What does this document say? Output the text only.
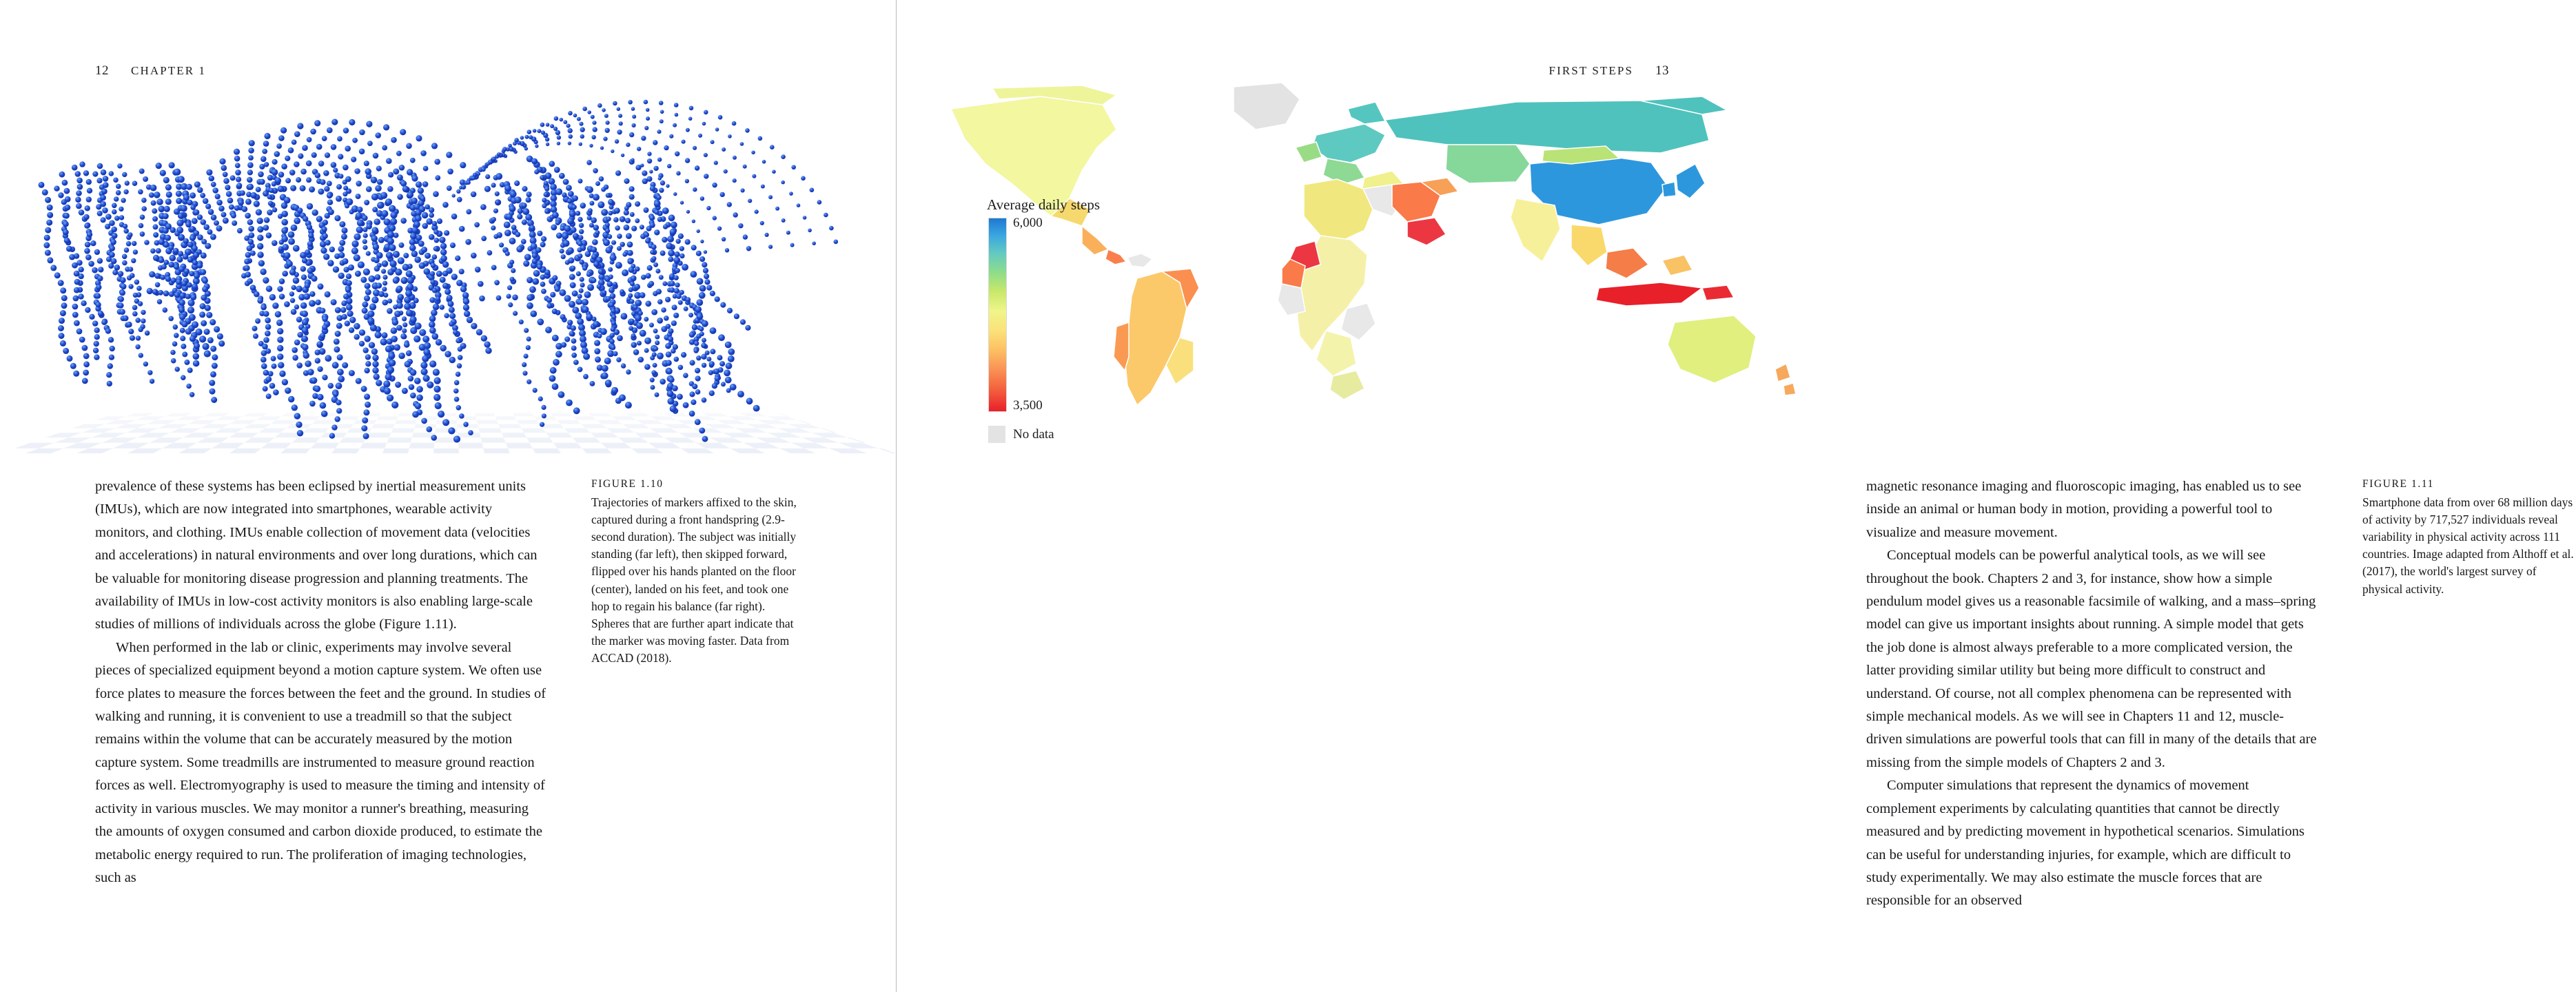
12 CHAPTER 1

prevalence of these systems has been eclipsed by inertial measurement units (IMUs), which are now integrated into smartphones, wearable activity monitors, and clothing. IMUs enable collection of movement data (velocities and accelerations) in natural environments and over long durations, which can be valuable for monitoring disease progression and planning treatments. The availability of IMUs in low-cost activity monitors is also enabling large-scale studies of millions of individuals across the globe (Figure 1.11).

When performed in the lab or clinic, experiments may involve several pieces of specialized equipment beyond a motion capture system. We often use force plates to measure the forces between the feet and the ground. In studies of walking and running, it is convenient to use a treadmill so that the subject remains within the volume that can be accurately measured by the motion capture system. Some treadmills are instrumented to measure ground reaction forces as well. Electromyography is used to measure the timing and intensity of activity in various muscles. We may monitor a runner's breathing, measuring the amounts of oxygen consumed and carbon dioxide produced, to estimate the metabolic energy required to run. The proliferation of imaging technologies, such as

FIGURE 1.10
Trajectories of markers affixed to the skin, captured during a front handspring (2.9-second duration). The subject was initially standing (far left), then skipped forward, flipped over his hands planted on the floor (center), landed on his feet, and took one hop to regain his balance (far right). Spheres that are further apart indicate that the marker was moving faster. Data from ACCAD (2018).
FIRST STEPS 13

magnetic resonance imaging and fluoroscopic imaging, has enabled us to see inside an animal or human body in motion, providing a powerful tool to visualize and measure movement.

Conceptual models can be powerful analytical tools, as we will see throughout the book. Chapters 2 and 3, for instance, show how a simple pendulum model gives us a reasonable facsimile of walking, and a mass–spring model can give us important insights about running. A simple model that gets the job done is almost always preferable to a more complicated version, the latter providing similar utility but being more difficult to construct and understand. Of course, not all complex phenomena can be represented with simple mechanical models. As we will see in Chapters 11 and 12, muscle-driven simulations are powerful tools that can fill in many of the details that are missing from the simple models of Chapters 2 and 3.

Computer simulations that represent the dynamics of movement complement experiments by calculating quantities that cannot be directly measured and by predicting movement in hypothetical scenarios. Simulations can be useful for understanding injuries, for example, which are difficult to study experimentally. We may also estimate the muscle forces that are responsible for an observed

FIGURE 1.11
Smartphone data from over 68 million days of activity by 717,527 individuals reveal variability in physical activity across 111 countries. Image adapted from Althoff et al. (2017), the world's largest survey of physical activity.
Average daily steps
6,000
3,500
No data
